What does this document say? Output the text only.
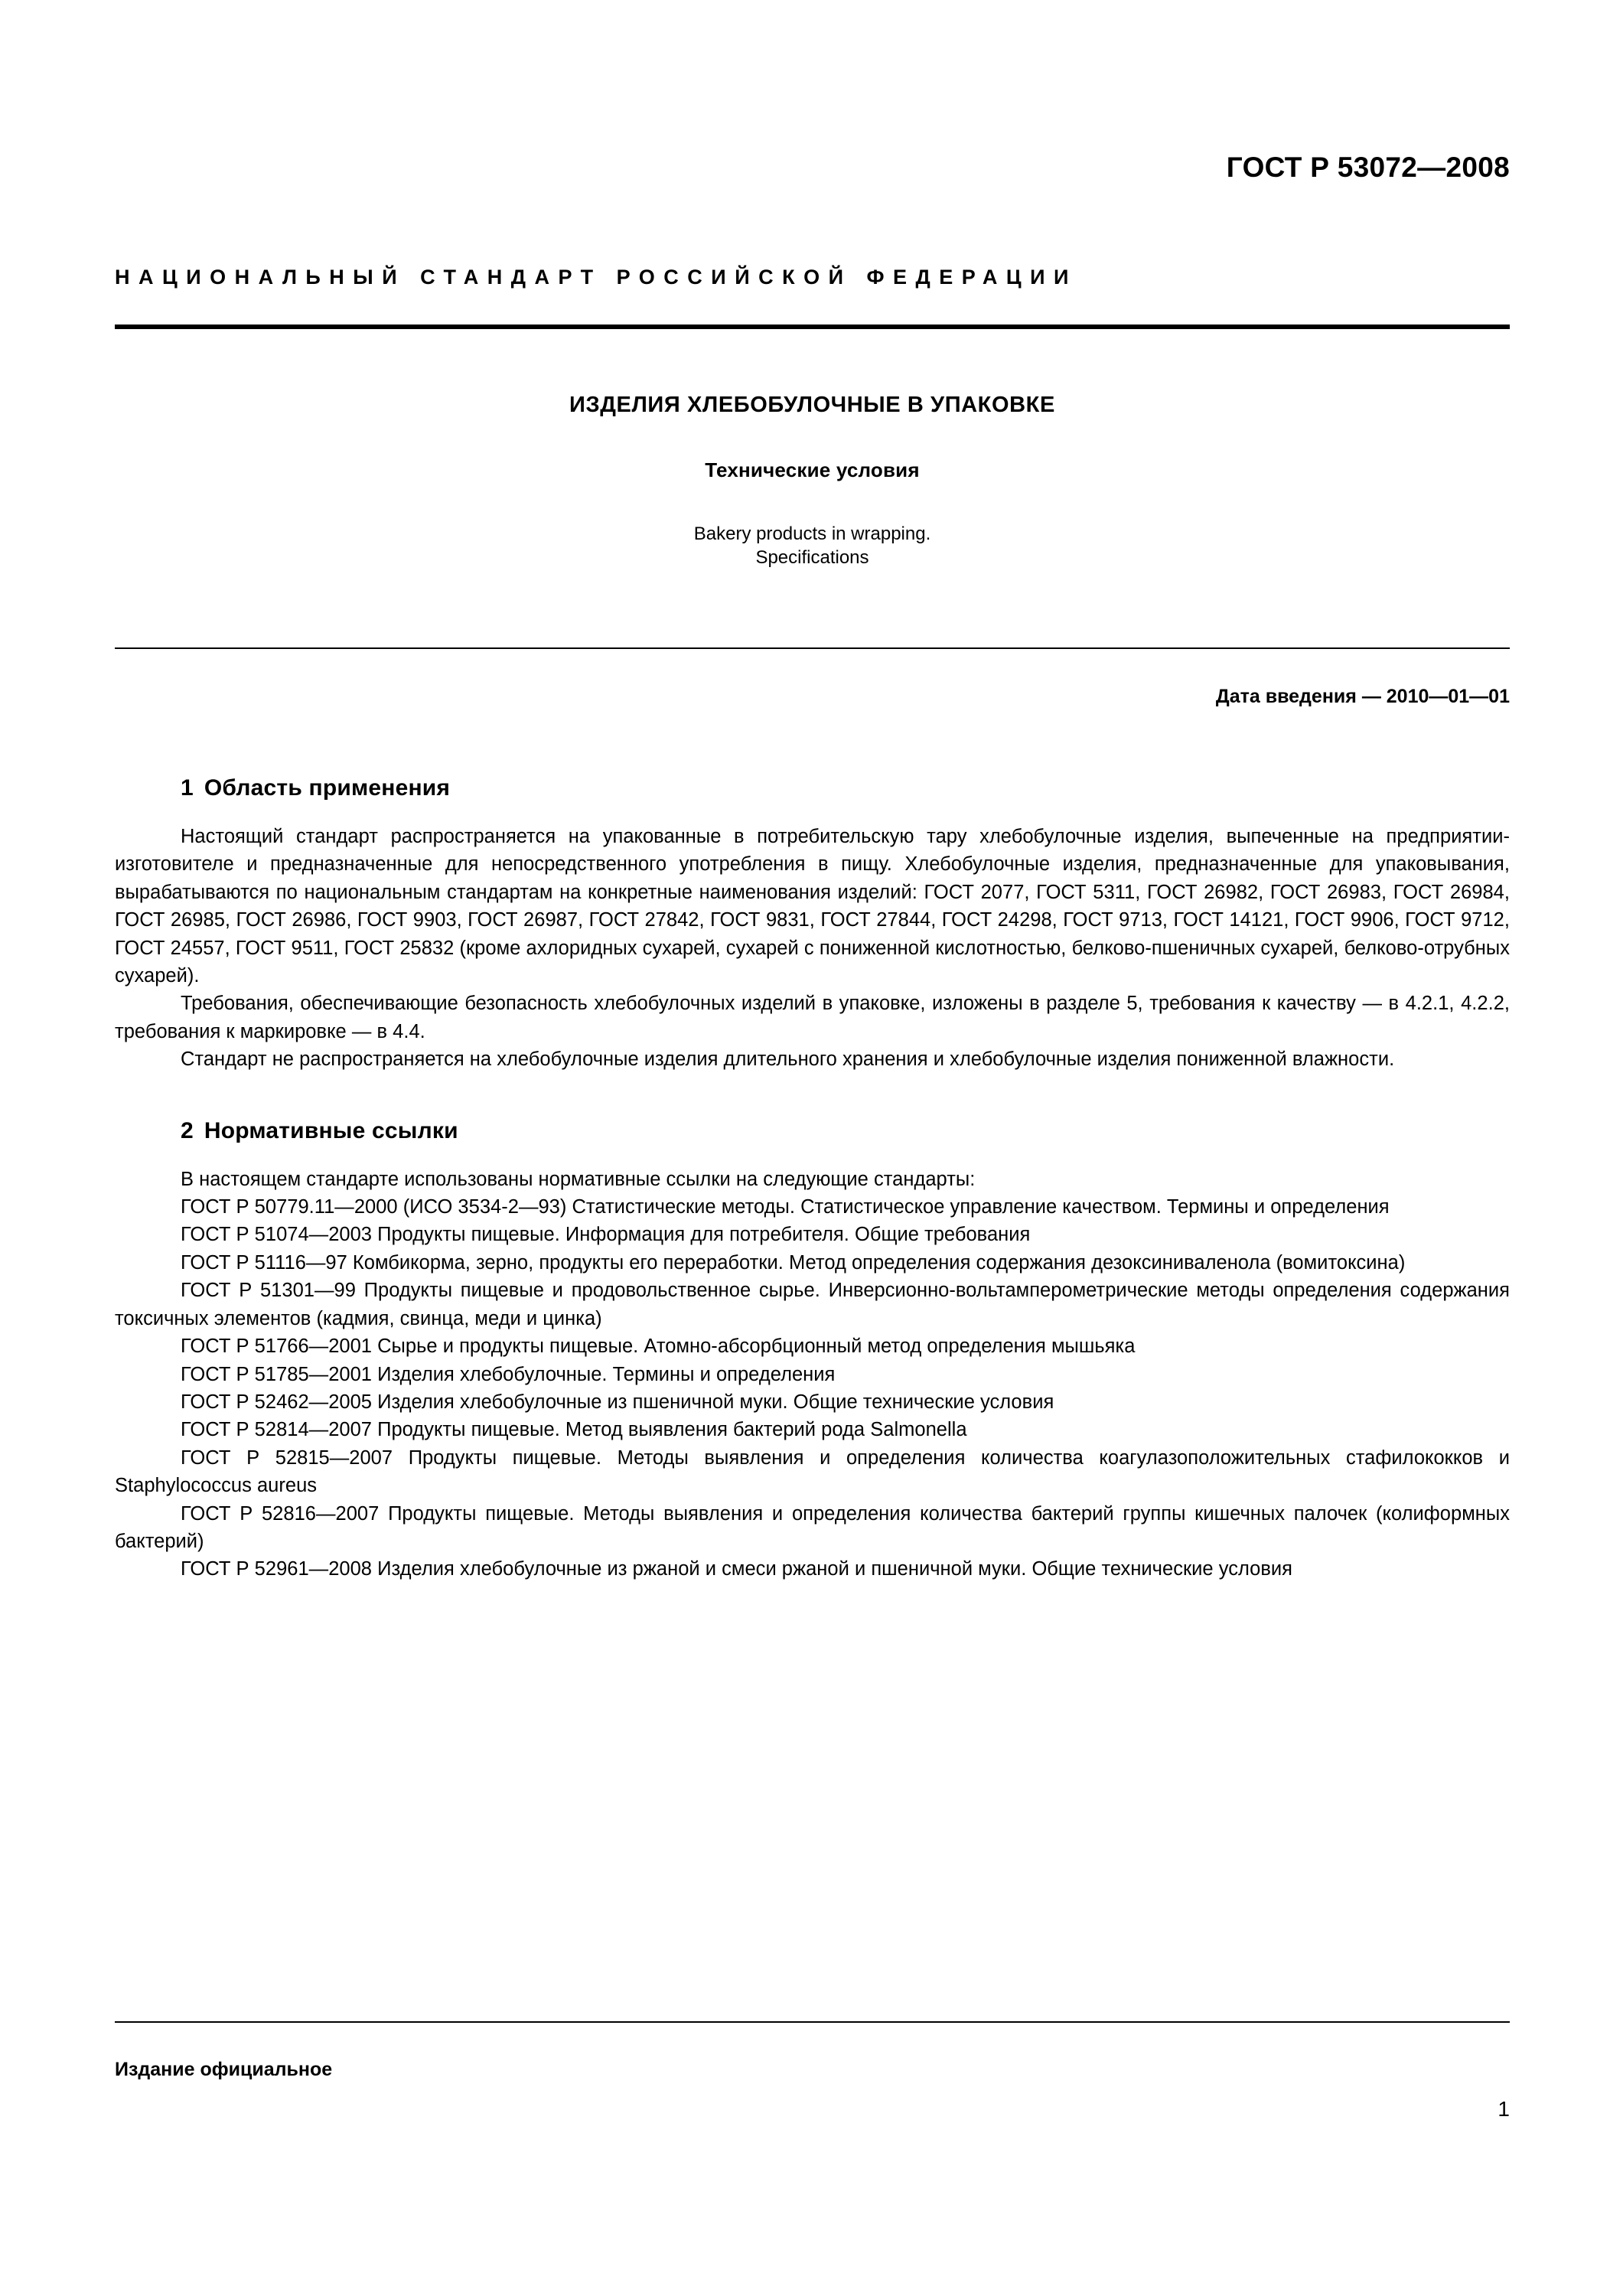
ГОСТ Р 53072—2008
НАЦИОНАЛЬНЫЙ СТАНДАРТ РОССИЙСКОЙ ФЕДЕРАЦИИ
ИЗДЕЛИЯ ХЛЕБОБУЛОЧНЫЕ В УПАКОВКЕ
Технические условия
Bakery products in wrapping.
Specifications
Дата введения — 2010—01—01
1 Область применения

Настоящий стандарт распространяется на упакованные в потребительскую тару хлебобулочные изделия, выпеченные на предприятии-изготовителе и предназначенные для непосредственного употребления в пищу. Хлебобулочные изделия, предназначенные для упаковывания, вырабатываются по национальным стандартам на конкретные наименования изделий: ГОСТ 2077, ГОСТ 5311, ГОСТ 26982, ГОСТ 26983, ГОСТ 26984, ГОСТ 26985, ГОСТ 26986, ГОСТ 9903, ГОСТ 26987, ГОСТ 27842, ГОСТ 9831, ГОСТ 27844, ГОСТ 24298, ГОСТ 9713, ГОСТ 14121, ГОСТ 9906, ГОСТ 9712, ГОСТ 24557, ГОСТ 9511, ГОСТ 25832 (кроме ахлоридных сухарей, сухарей с пониженной кислотностью, белково-пшеничных сухарей, белково-отрубных сухарей).

Требования, обеспечивающие безопасность хлебобулочных изделий в упаковке, изложены в разделе 5, требования к качеству — в 4.2.1, 4.2.2, требования к маркировке — в 4.4.

Стандарт не распространяется на хлебобулочные изделия длительного хранения и хлебобулочные изделия пониженной влажности.

2 Нормативные ссылки

В настоящем стандарте использованы нормативные ссылки на следующие стандарты:

ГОСТ Р 50779.11—2000 (ИСО 3534-2—93) Статистические методы. Статистическое управление качеством. Термины и определения

ГОСТ Р 51074—2003 Продукты пищевые. Информация для потребителя. Общие требования

ГОСТ Р 51116—97 Комбикорма, зерно, продукты его переработки. Метод определения содержания дезоксиниваленола (вомитоксина)

ГОСТ Р 51301—99 Продукты пищевые и продовольственное сырье. Инверсионно-вольтамперометрические методы определения содержания токсичных элементов (кадмия, свинца, меди и цинка)

ГОСТ Р 51766—2001 Сырье и продукты пищевые. Атомно-абсорбционный метод определения мышьяка

ГОСТ Р 51785—2001 Изделия хлебобулочные. Термины и определения

ГОСТ Р 52462—2005 Изделия хлебобулочные из пшеничной муки. Общие технические условия

ГОСТ Р 52814—2007 Продукты пищевые. Метод выявления бактерий рода Salmonella

ГОСТ Р 52815—2007 Продукты пищевые. Методы выявления и определения количества коагулазоположительных стафилококков и Staphylococcus aureus

ГОСТ Р 52816—2007 Продукты пищевые. Методы выявления и определения количества бактерий группы кишечных палочек (колиформных бактерий)

ГОСТ Р 52961—2008 Изделия хлебобулочные из ржаной и смеси ржаной и пшеничной муки. Общие технические условия

Издание официальное
1
